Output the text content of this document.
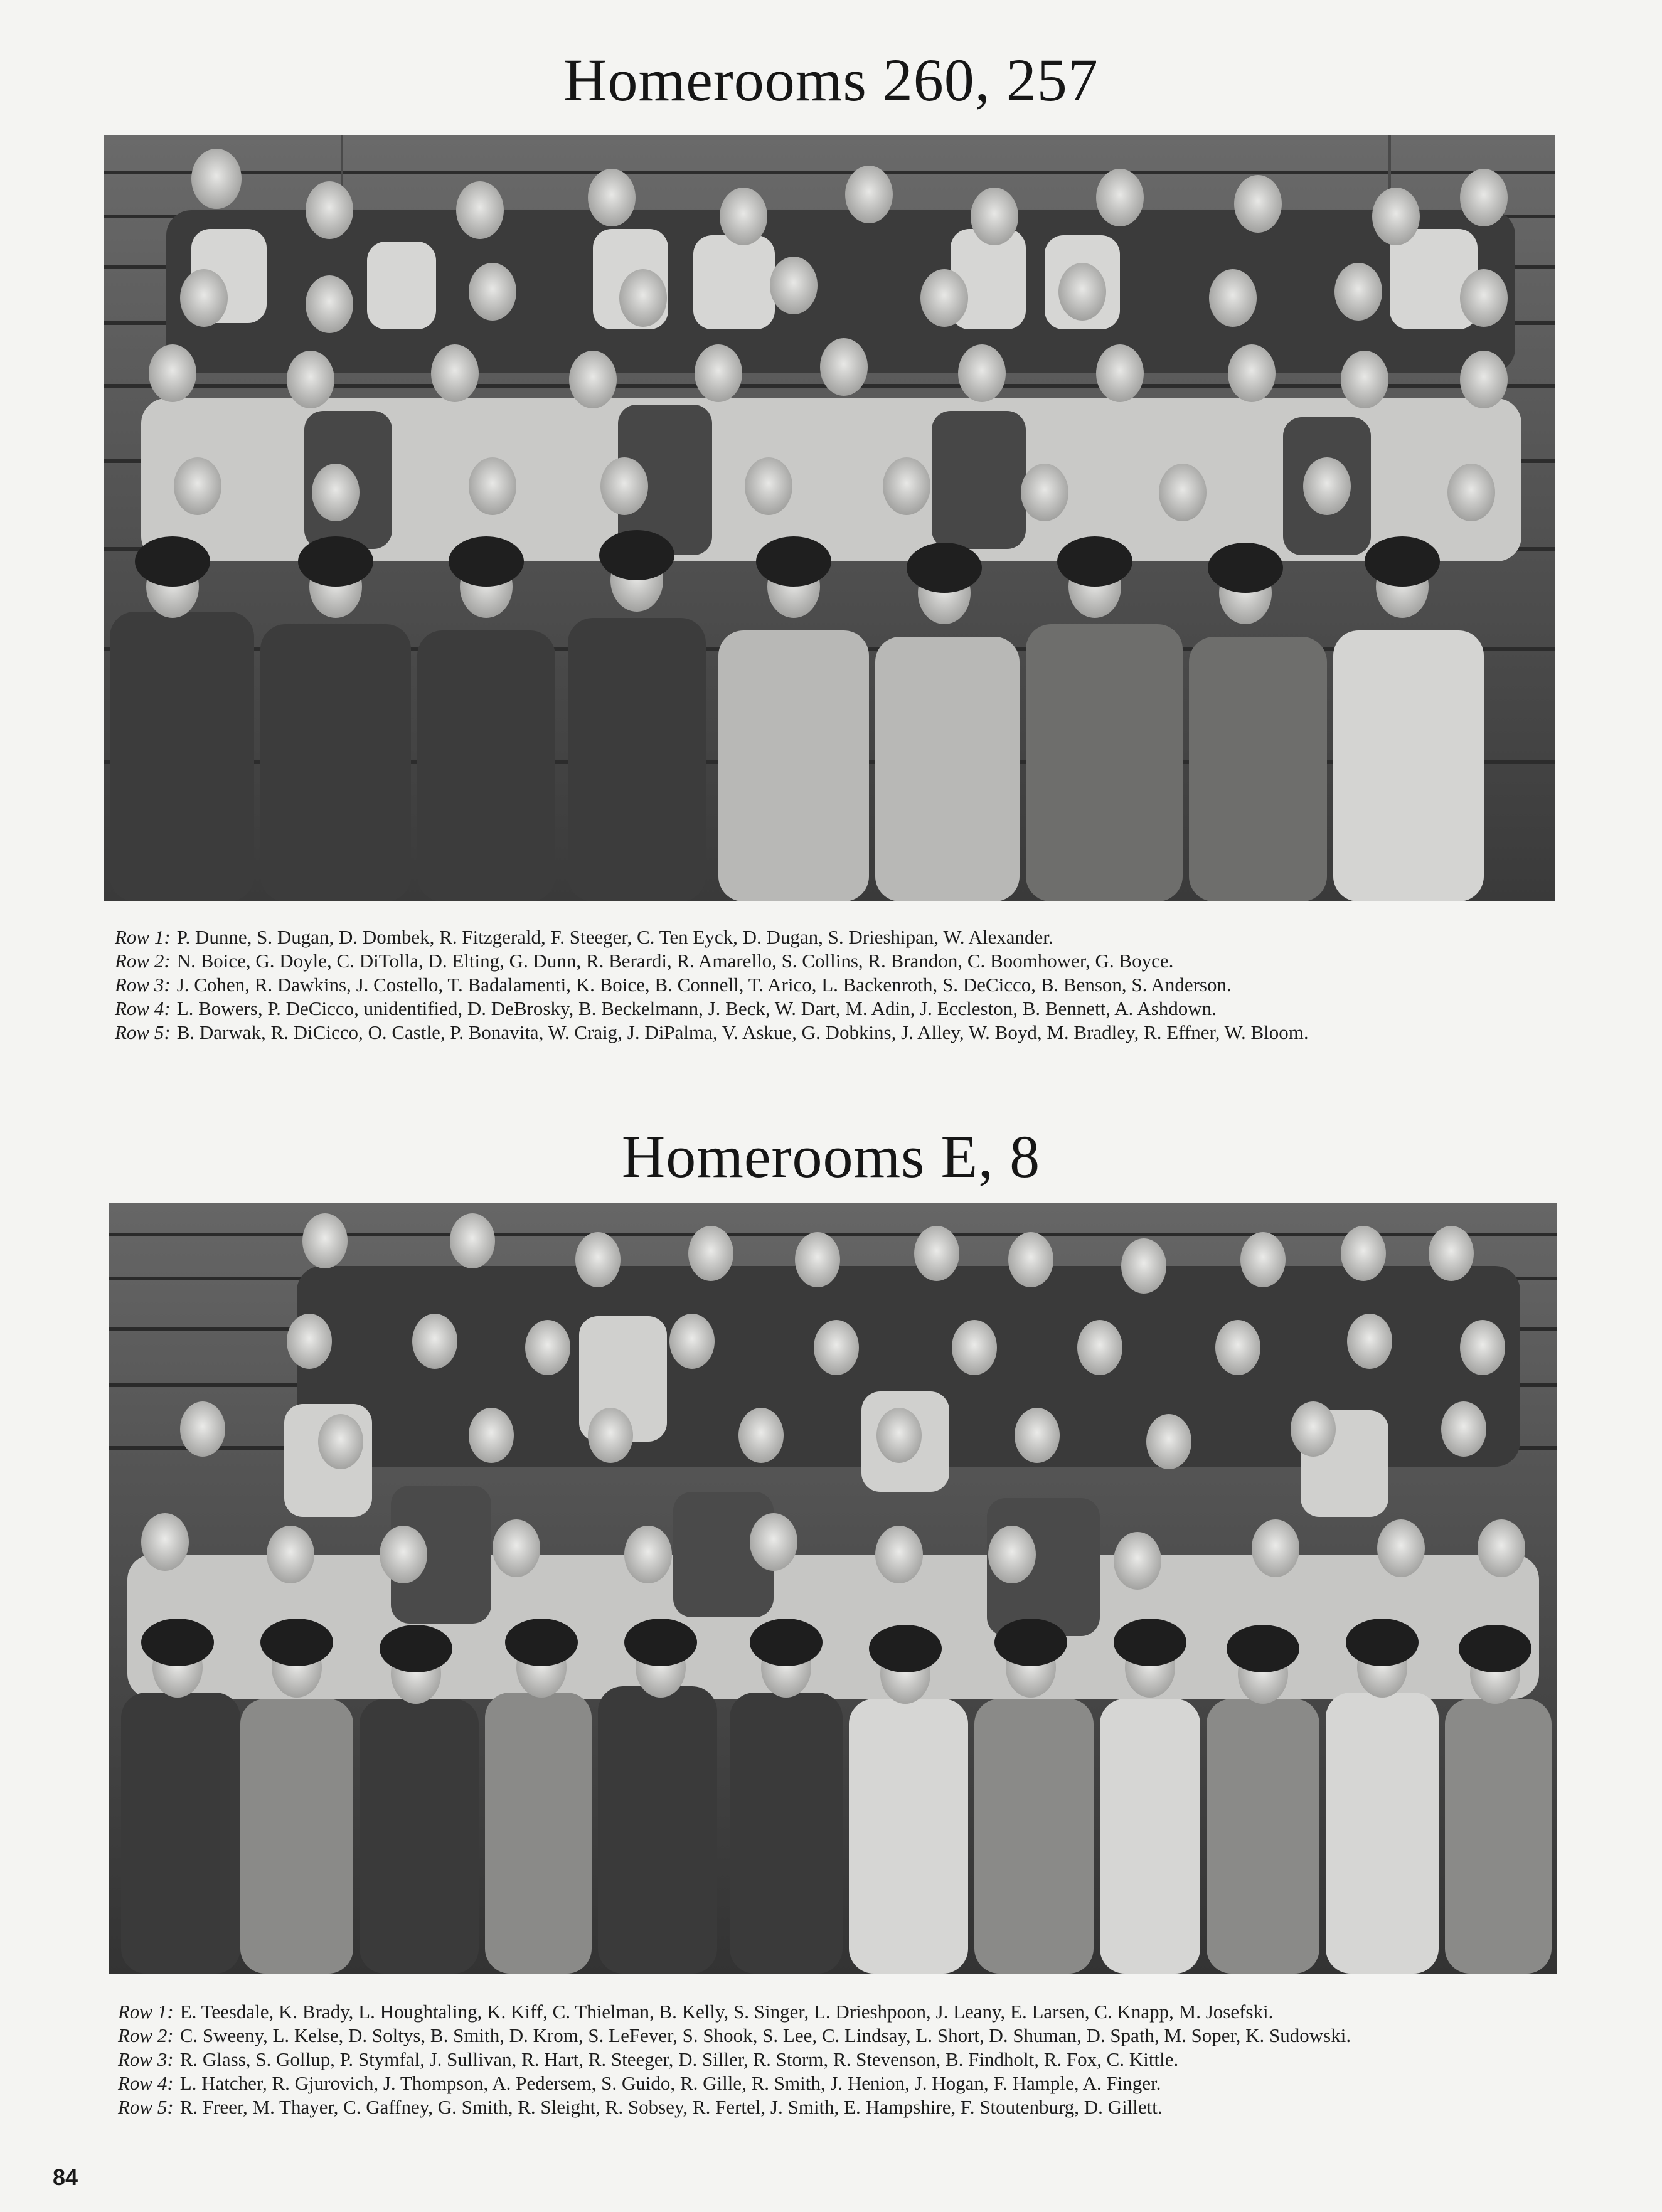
Homerooms 260, 257
Row 1: P. Dunne, S. Dugan, D. Dombek, R. Fitzgerald, F. Steeger, C. Ten Eyck, D. Dugan, S. Drieshipan, W. Alexander.
Row 2: N. Boice, G. Doyle, C. DiTolla, D. Elting, G. Dunn, R. Berardi, R. Amarello, S. Collins, R. Brandon, C. Boomhower, G. Boyce.
Row 3: J. Cohen, R. Dawkins, J. Costello, T. Badalamenti, K. Boice, B. Connell, T. Arico, L. Backenroth, S. DeCicco, B. Benson, S. Anderson.
Row 4: L. Bowers, P. DeCicco, unidentified, D. DeBrosky, B. Beckelmann, J. Beck, W. Dart, M. Adin, J. Eccleston, B. Bennett, A. Ashdown.
Row 5: B. Darwak, R. DiCicco, O. Castle, P. Bonavita, W. Craig, J. DiPalma, V. Askue, G. Dobkins, J. Alley, W. Boyd, M. Bradley, R. Effner, W. Bloom.
Homerooms E, 8
Row 1: E. Teesdale, K. Brady, L. Houghtaling, K. Kiff, C. Thielman, B. Kelly, S. Singer, L. Drieshpoon, J. Leany, E. Larsen, C. Knapp, M. Josefski.
Row 2: C. Sweeny, L. Kelse, D. Soltys, B. Smith, D. Krom, S. LeFever, S. Shook, S. Lee, C. Lindsay, L. Short, D. Shuman, D. Spath, M. Soper, K. Sudowski.
Row 3: R. Glass, S. Gollup, P. Stymfal, J. Sullivan, R. Hart, R. Steeger, D. Siller, R. Storm, R. Stevenson, B. Findholt, R. Fox, C. Kittle.
Row 4: L. Hatcher, R. Gjurovich, J. Thompson, A. Pedersem, S. Guido, R. Gille, R. Smith, J. Henion, J. Hogan, F. Hample, A. Finger.
Row 5: R. Freer, M. Thayer, C. Gaffney, G. Smith, R. Sleight, R. Sobsey, R. Fertel, J. Smith, E. Hampshire, F. Stoutenburg, D. Gillett.
84
